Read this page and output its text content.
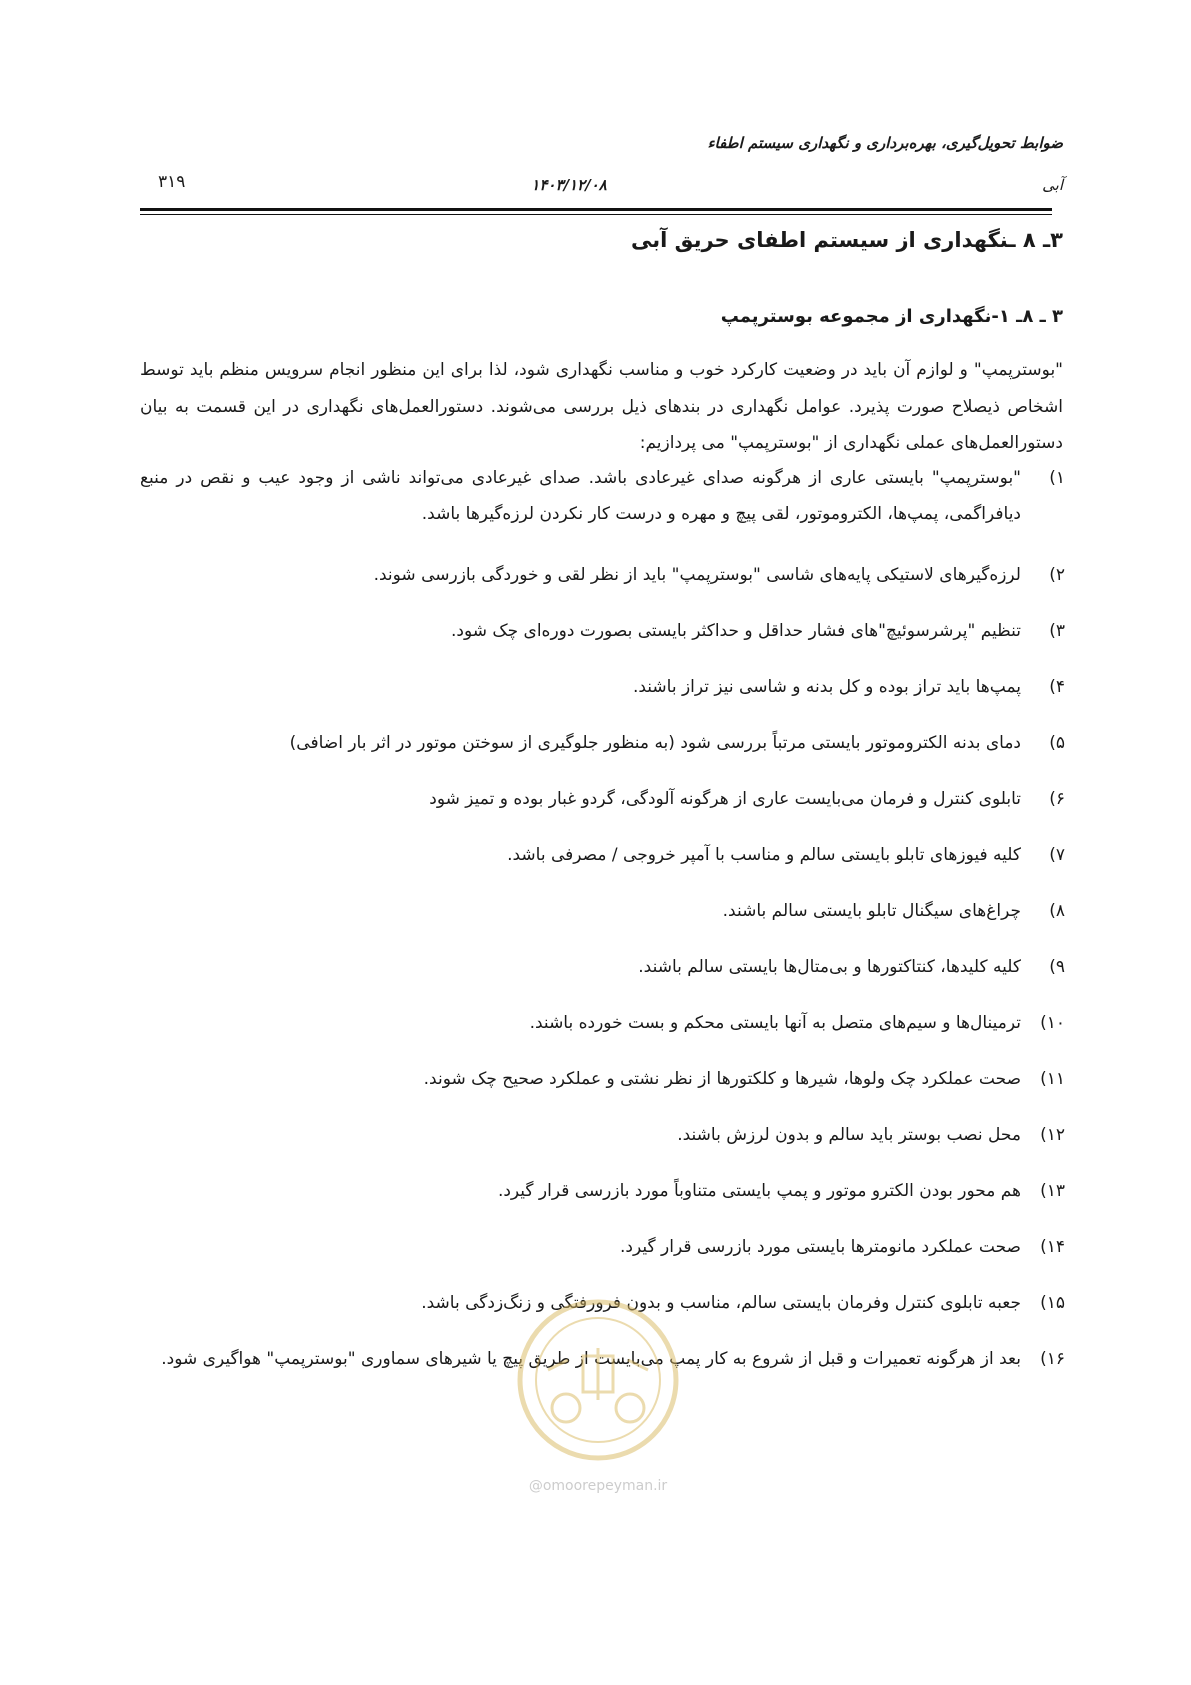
ضوابط تحویل‌گیری، بهره‌برداری و نگهداری سیستم اطفاء
آبی
۱۴۰۳/۱۲/۰۸
۳۱۹
۳ـ ۸ ـنگهداری از سیستم اطفای حریق آبی
۳ ـ ۸ـ ۱-نگهداری از مجموعه بوسترپمپ

"بوسترپمپ" و لوازم آن باید در وضعیت کارکرد خوب و مناسب نگهداری شود، لذا برای این منظور انجام سرویس منظم باید توسط اشخاص ذیصلاح صورت پذیرد. عوامل نگهداری در بندهای ذیل بررسی می‌شوند. دستورالعمل‌های نگهداری در این قسمت به بیان دستورالعمل‌های عملی نگهداری از "بوسترپمپ" می پردازیم:

۱)
"بوسترپمپ" بایستی عاری از هرگونه صدای غیرعادی باشد. صدای غیرعادی می‌تواند ناشی از وجود عیب و نقص در منبع دیافراگمی، پمپ‌ها، الکتروموتور، لقی پیچ و مهره و درست کار نکردن لرزه‌گیرها باشد.
۲)
لرزه‌گیرهای لاستیکی پایه‌های شاسی "بوسترپمپ" باید از نظر لقی و خوردگی بازرسی شوند.
۳)
تنظیم "پرشرسوئیچ"های فشار حداقل و حداکثر بایستی بصورت دوره‌ای چک شود.
۴)
پمپ‌ها باید تراز بوده و کل بدنه و شاسی نیز تراز باشند.
۵)
دمای بدنه الکتروموتور بایستی مرتباً بررسی شود (به منظور جلوگیری از سوختن موتور در اثر بار اضافی)
۶)
تابلوی کنترل و فرمان می‌بایست عاری از هرگونه آلودگی، گردو غبار بوده و تمیز شود
۷)
کلیه فیوزهای تابلو بایستی سالم و مناسب با آمپر خروجی / مصرفی باشد.
۸)
چراغ‌های سیگنال تابلو بایستی سالم باشند.
۹)
کلیه کلیدها، کنتاکتورها و بی‌متال‌ها بایستی سالم باشند.
۱۰)
ترمینال‌ها و سیم‌های متصل به آنها بایستی محکم و بست خورده باشند.
۱۱)
صحت عملکرد چک ولوها، شیرها و کلکتورها از نظر نشتی و عملکرد صحیح چک شوند.
۱۲)
محل نصب بوستر باید سالم و بدون لرزش باشند.
۱۳)
هم محور بودن الکترو موتور و پمپ بایستی متناوباً مورد بازرسی قرار گیرد.
۱۴)
صحت عملکرد مانومترها بایستی مورد بازرسی قرار گیرد.
۱۵)
جعبه تابلوی کنترل وفرمان بایستی سالم، مناسب و بدون فرورفتگی و زنگ‌زدگی باشد.
۱۶)
بعد از هرگونه تعمیرات و قبل از شروع به کار پمپ می‌بایست از طریق پیچ یا شیرهای سماوری "بوسترپمپ" هواگیری شود.
@omoorepeyman.ir
